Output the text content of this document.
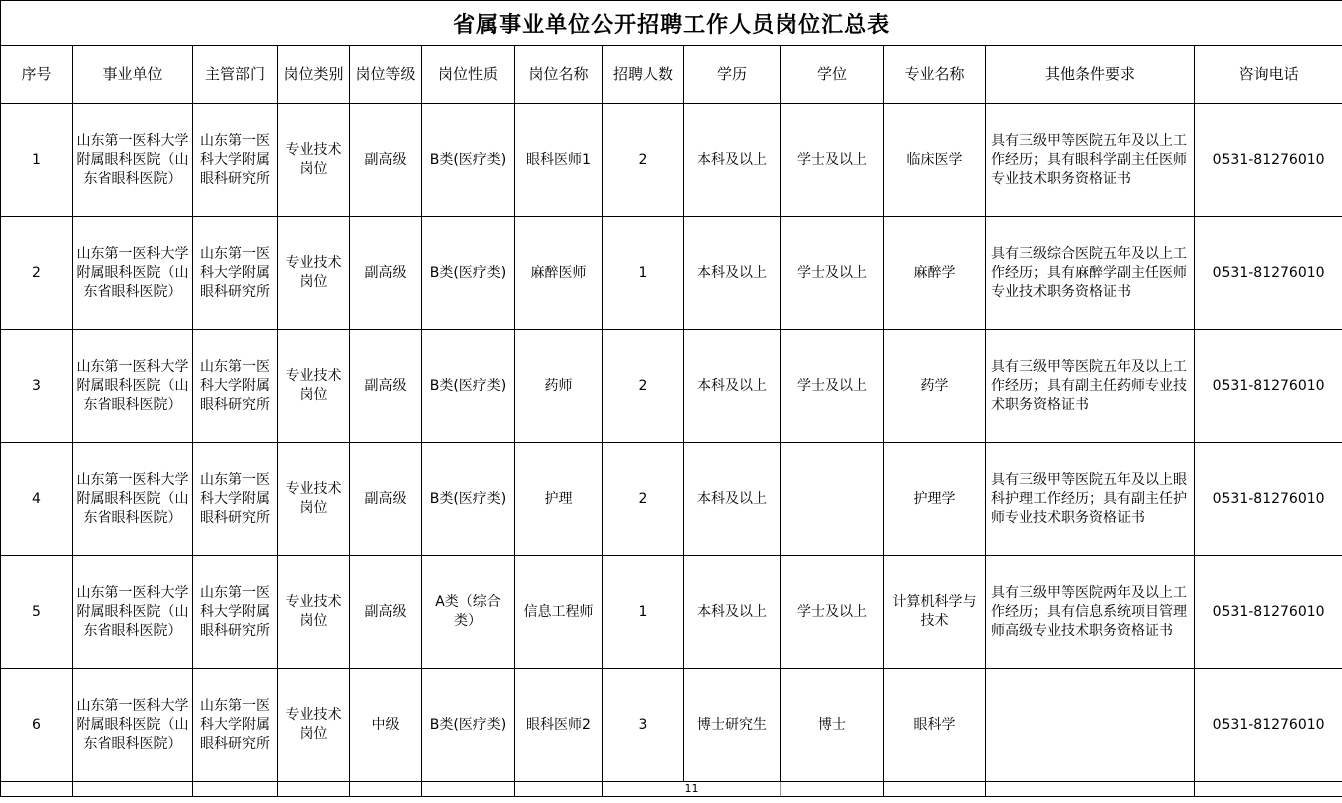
省属事业单位公开招聘工作人员岗位汇总表												
序号	事业单位	主管部门	岗位类别	岗位等级	岗位性质	岗位名称	招聘人数	学历	学位	专业名称	其他条件要求	咨询电话
1	山东第一医科大学附属眼科医院（山东省眼科医院）	山东第一医科大学附属眼科研究所	专业技术岗位	副高级	B类(医疗类)	眼科医师1	2	本科及以上	学士及以上	临床医学	具有三级甲等医院五年及以上工作经历；具有眼科学副主任医师专业技术职务资格证书	0531-81276010
2	山东第一医科大学附属眼科医院（山东省眼科医院）	山东第一医科大学附属眼科研究所	专业技术岗位	副高级	B类(医疗类)	麻醉医师	1	本科及以上	学士及以上	麻醉学	具有三级综合医院五年及以上工作经历；具有麻醉学副主任医师专业技术职务资格证书	0531-81276010
3	山东第一医科大学附属眼科医院（山东省眼科医院）	山东第一医科大学附属眼科研究所	专业技术岗位	副高级	B类(医疗类)	药师	2	本科及以上	学士及以上	药学	具有三级甲等医院五年及以上工作经历；具有副主任药师专业技术职务资格证书	0531-81276010
4	山东第一医科大学附属眼科医院（山东省眼科医院）	山东第一医科大学附属眼科研究所	专业技术岗位	副高级	B类(医疗类)	护理	2	本科及以上		护理学	具有三级甲等医院五年及以上眼科护理工作经历；具有副主任护师专业技术职务资格证书	0531-81276010
5	山东第一医科大学附属眼科医院（山东省眼科医院）	山东第一医科大学附属眼科研究所	专业技术岗位	副高级	A类（综合类）	信息工程师	1	本科及以上	学士及以上	计算机科学与技术	具有三级甲等医院两年及以上工作经历；具有信息系统项目管理师高级专业技术职务资格证书	0531-81276010
6	山东第一医科大学附属眼科医院（山东省眼科医院）	山东第一医科大学附属眼科研究所	专业技术岗位	中级	B类(医疗类)	眼科医师2	3	博士研究生	博士	眼科学		0531-81276010
							11					
